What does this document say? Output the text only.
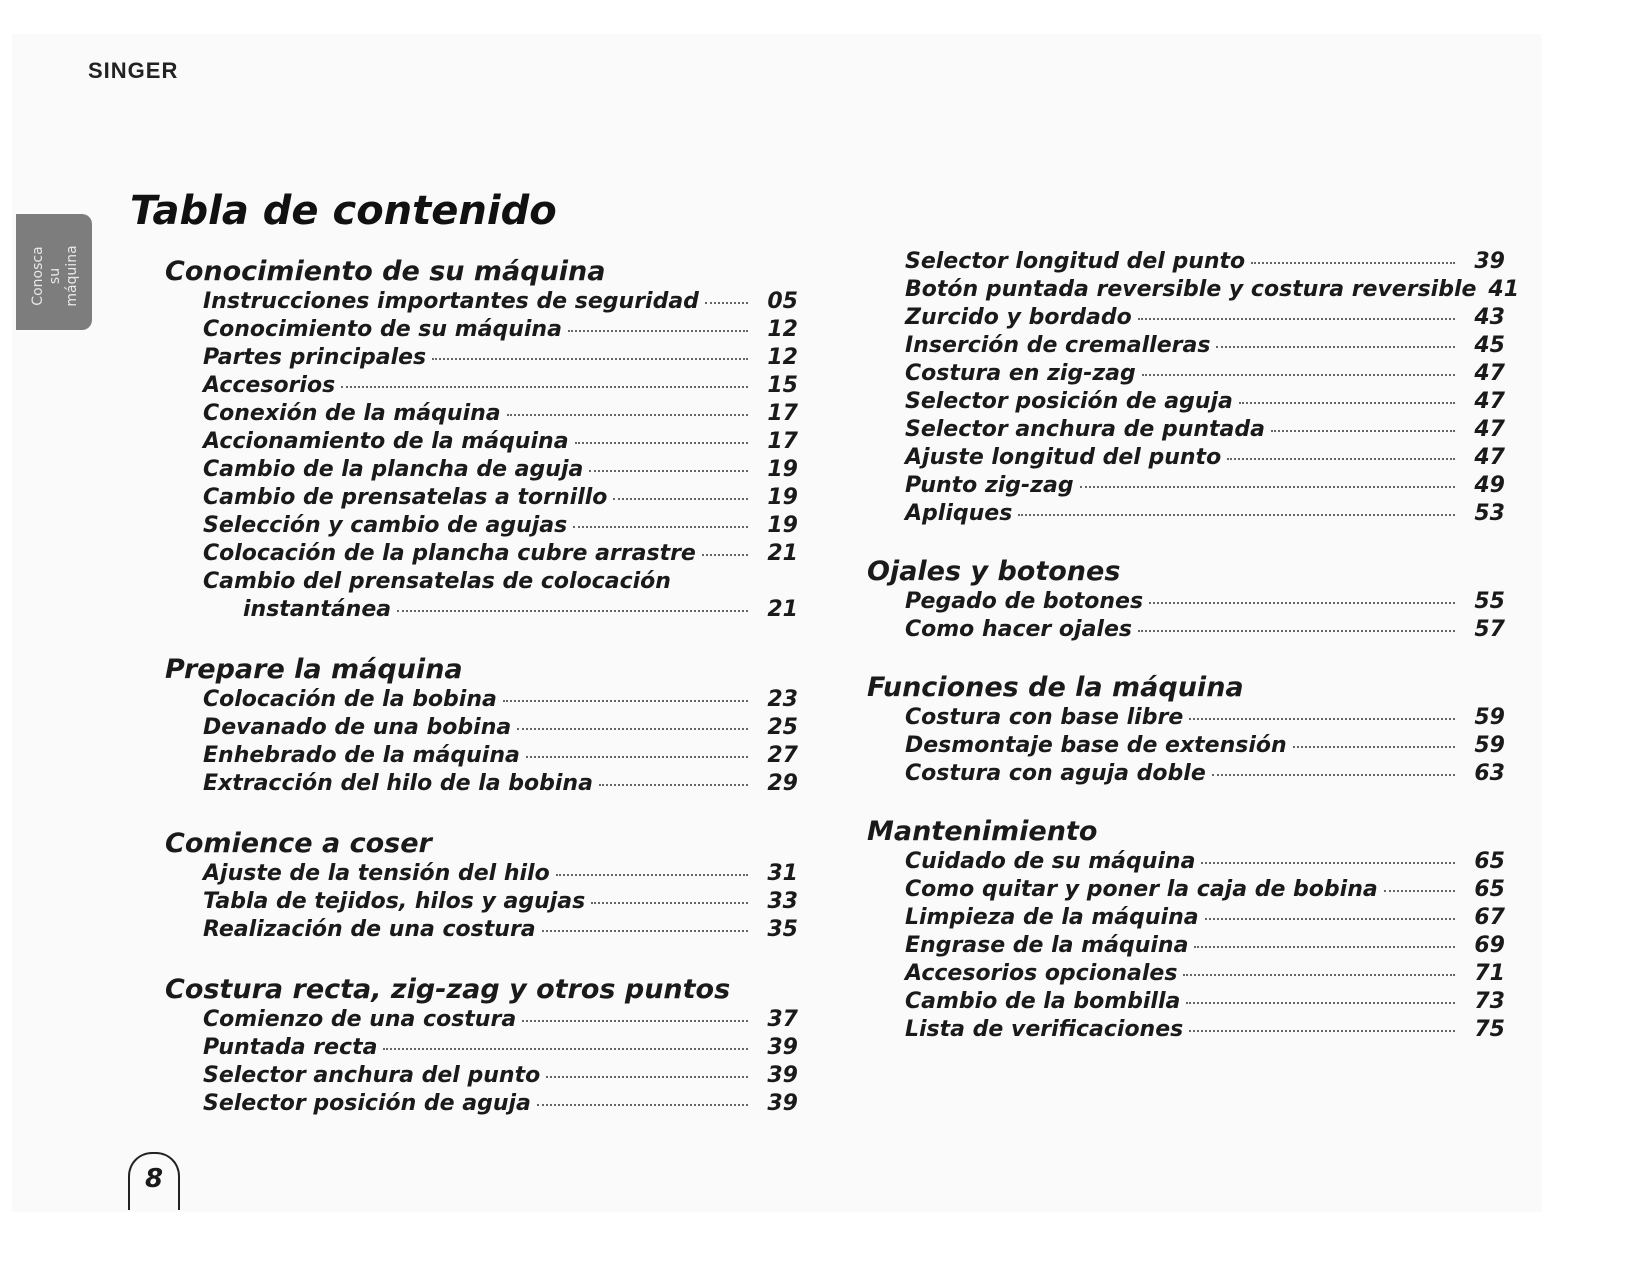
SINGER
Conosca su máquina
Tabla de contenido
Conocimiento de su máquina
Instrucciones importantes de seguridad	05
Conocimiento de su máquina	12
Partes principales	12
Accesorios	15
Conexión de la máquina	17
Accionamiento de la máquina	17
Cambio de la plancha de aguja	19
Cambio de prensatelas a tornillo	19
Selección y cambio de agujas	19
Colocación de la plancha cubre arrastre	21
Cambio del prensatelas de colocación
instantánea	21
Prepare la máquina
Colocación de la bobina	23
Devanado de una bobina	25
Enhebrado de la máquina	27
Extracción del hilo de la bobina	29
Comience a coser
Ajuste de la tensión del hilo	31
Tabla de tejidos, hilos y agujas	33
Realización de una costura	35
Costura recta, zig-zag y otros puntos
Comienzo de una costura	37
Puntada recta	39
Selector anchura del punto	39
Selector posición de aguja	39
Selector longitud del punto	39
Botón puntada reversible y costura reversible 41
Zurcido y bordado	43
Inserción de cremalleras	45
Costura en zig-zag	47
Selector posición de aguja	47
Selector anchura de puntada	47
Ajuste longitud del punto	47
Punto zig-zag	49
Apliques	53
Ojales y botones
Pegado de botones	55
Como hacer ojales	57
Funciones de la máquina
Costura con base libre	59
Desmontaje base de extensión	59
Costura con aguja doble	63
Mantenimiento
Cuidado de su máquina	65
Como quitar y poner la caja de bobina	65
Limpieza de la máquina	67
Engrase de la máquina	69
Accesorios opcionales	71
Cambio de la bombilla	73
Lista de verificaciones	75
8
